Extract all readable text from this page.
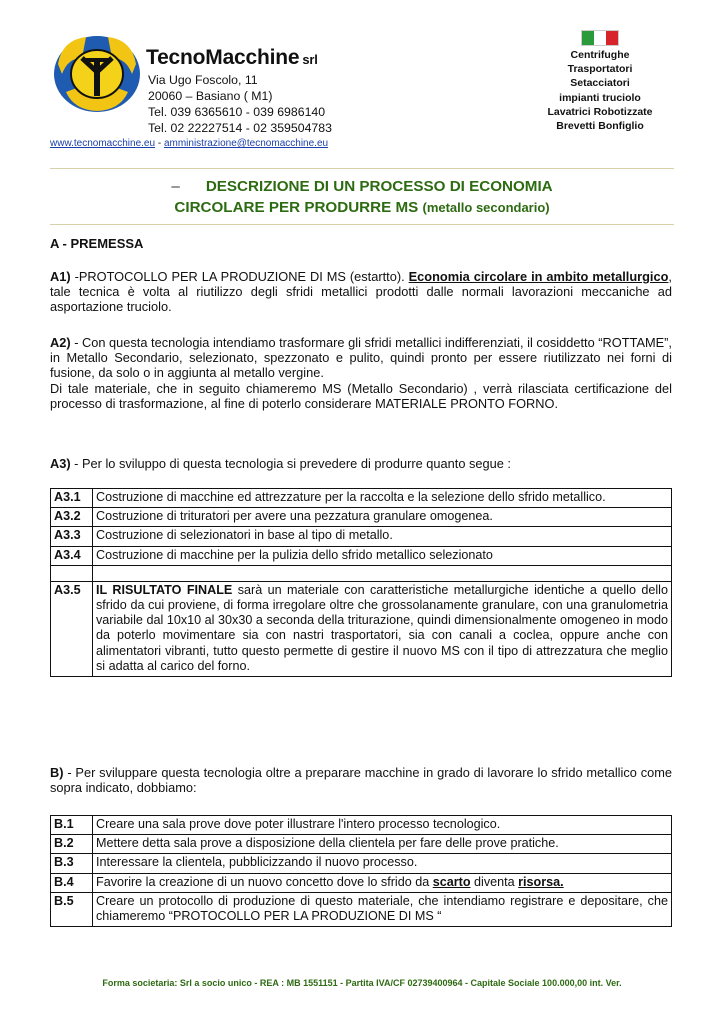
TecnoMacchine srl
Via Ugo Foscolo, 11
20060 – Basiano ( M1)
Tel. 039 6365610 - 039 6986140
Tel. 02 22227514 - 02 359504783
www.tecnomacchine.eu - amministrazione@tecnomacchine.eu
Centrifughe
Trasportatori
Setacciatori
impianti truciolo
Lavatrici Robotizzate
Brevetti Bonfiglio
– DESCRIZIONE DI UN PROCESSO DI ECONOMIA
CIRCOLARE PER PRODURRE MS (metallo secondario)
A - PREMESSA
A1) -PROTOCOLLO PER LA PRODUZIONE DI MS (estartto). Economia circolare in ambito metallurgico, tale tecnica è volta al riutilizzo degli sfridi metallici prodotti dalle normali lavorazioni meccaniche ad asportazione truciolo.
A2) - Con questa tecnologia intendiamo trasformare gli sfridi metallici indifferenziati, il cosiddetto “ROTTAME”, in Metallo Secondario, selezionato, spezzonato e pulito, quindi pronto per essere riutilizzato nei forni di fusione, da solo o in aggiunta al metallo vergine.
Di tale materiale, che in seguito chiameremo MS (Metallo Secondario) , verrà rilasciata certificazione del processo di trasformazione, al fine di poterlo considerare MATERIALE PRONTO FORNO.
A3) - Per lo sviluppo di questa tecnologia si prevedere di produrre quanto segue :
A3.1	Costruzione di macchine ed attrezzature per la raccolta e la selezione dello sfrido metallico.
A3.2	Costruzione di trituratori per avere una pezzatura granulare omogenea.
A3.3	Costruzione di selezionatori in base al tipo di metallo.
A3.4	Costruzione di macchine per la pulizia dello sfrido metallico selezionato

A3.5	IL RISULTATO FINALE sarà un materiale con caratteristiche metallurgiche identiche a quello dello sfrido da cui proviene, di forma irregolare oltre che grossolanamente granulare, con una granulometria variabile dal 10x10 al 30x30 a seconda della triturazione, quindi dimensionalmente omogeneo in modo da poterlo movimentare sia con nastri trasportatori, sia con canali a coclea, oppure anche con alimentatori vibranti, tutto questo permette di gestire il nuovo MS con il tipo di attrezzatura che meglio si adatta al carico del forno.
B) - Per sviluppare questa tecnologia oltre a preparare macchine in grado di lavorare lo sfrido metallico come sopra indicato, dobbiamo:
B.1	Creare una sala prove dove poter illustrare l'intero processo tecnologico.
B.2	Mettere detta sala prove a disposizione della clientela per fare delle prove pratiche.
B.3	Interessare la clientela, pubblicizzando il nuovo processo.
B.4	Favorire la creazione di un nuovo concetto dove lo sfrido da scarto diventa risorsa.
B.5	Creare un protocollo di produzione di questo materiale, che intendiamo registrare e depositare, che chiameremo “PROTOCOLLO PER LA PRODUZIONE DI MS “
Forma societaria: Srl a socio unico - REA : MB 1551151 - Partita IVA/CF 02739400964 - Capitale Sociale 100.000,00 int. Ver.
